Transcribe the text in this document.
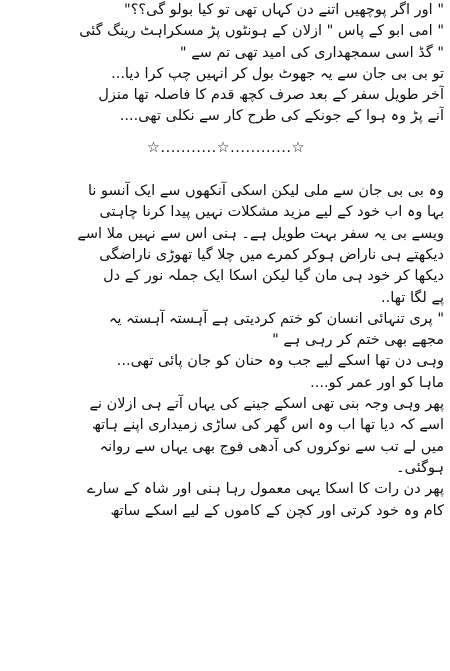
" اور اگر پوچھیں اتنے دن کہاں تھی تو کیا بولو گی؟؟"
" امی ابو کے پاس " ازلان کے ہونٹوں پڑ مسکراہٹ رینگ گئی
" گڈ اسی سمجھداری کی امید تھی تم سے "
تو بی بی جان سے یہ جھوٹ بول کر انہیں چپ کرا دیا...
آخر طویل سفر کے بعد صرف کچھ قدم کا فاصلہ تھا منزل
آنے پڑ وہ ہوا کے جونکے کی طرح کار سے نکلی تھی....
☆............☆...........☆
وہ بی بی جان سے ملی لیکن اسکی آنکھوں سے ایک آنسو نا
بہا وہ اب خود کے لیے مزید مشکلات نہیں پیدا کرنا چاہتی
ویسے بی یہ سفر بہت طویل ہے۔ ہنی اس سے نہیں ملا اسے
دیکھتے ہی ناراض ہوکر کمرے میں چلا گیا تھوڑی ناراضگی
دیکھا کر خود ہی مان گیا لیکن اسکا ایک جملہ نور کے دل
پے لگا تھا..
" پری تنہائی انسان کو ختم کردیتی ہے آہستہ آہستہ یہ
مجھے بھی ختم کر رہی ہے "
وہی دن تھا اسکے لیے جب وہ حنان کو جان پائی تھی...
ماہا کو اور عمر کو....
پھر وہی وجہ بنی تھی اسکے جینے کی یہاں آتے ہی ازلان نے
اسے کہ دیا تھا اب وہ اس گھر کی ساڑی زمیداری اپنے ہاتھ
میں لے تب سے نوکروں کی آدھی فوج بھی یہاں سے روانہ
ہوگئی۔
پھر دن رات کا اسکا یہی معمول رہا ہنی اور شاہ کے سارے
کام وہ خود کرتی اور کچن کے کاموں کے لیے اسکے ساتھ
